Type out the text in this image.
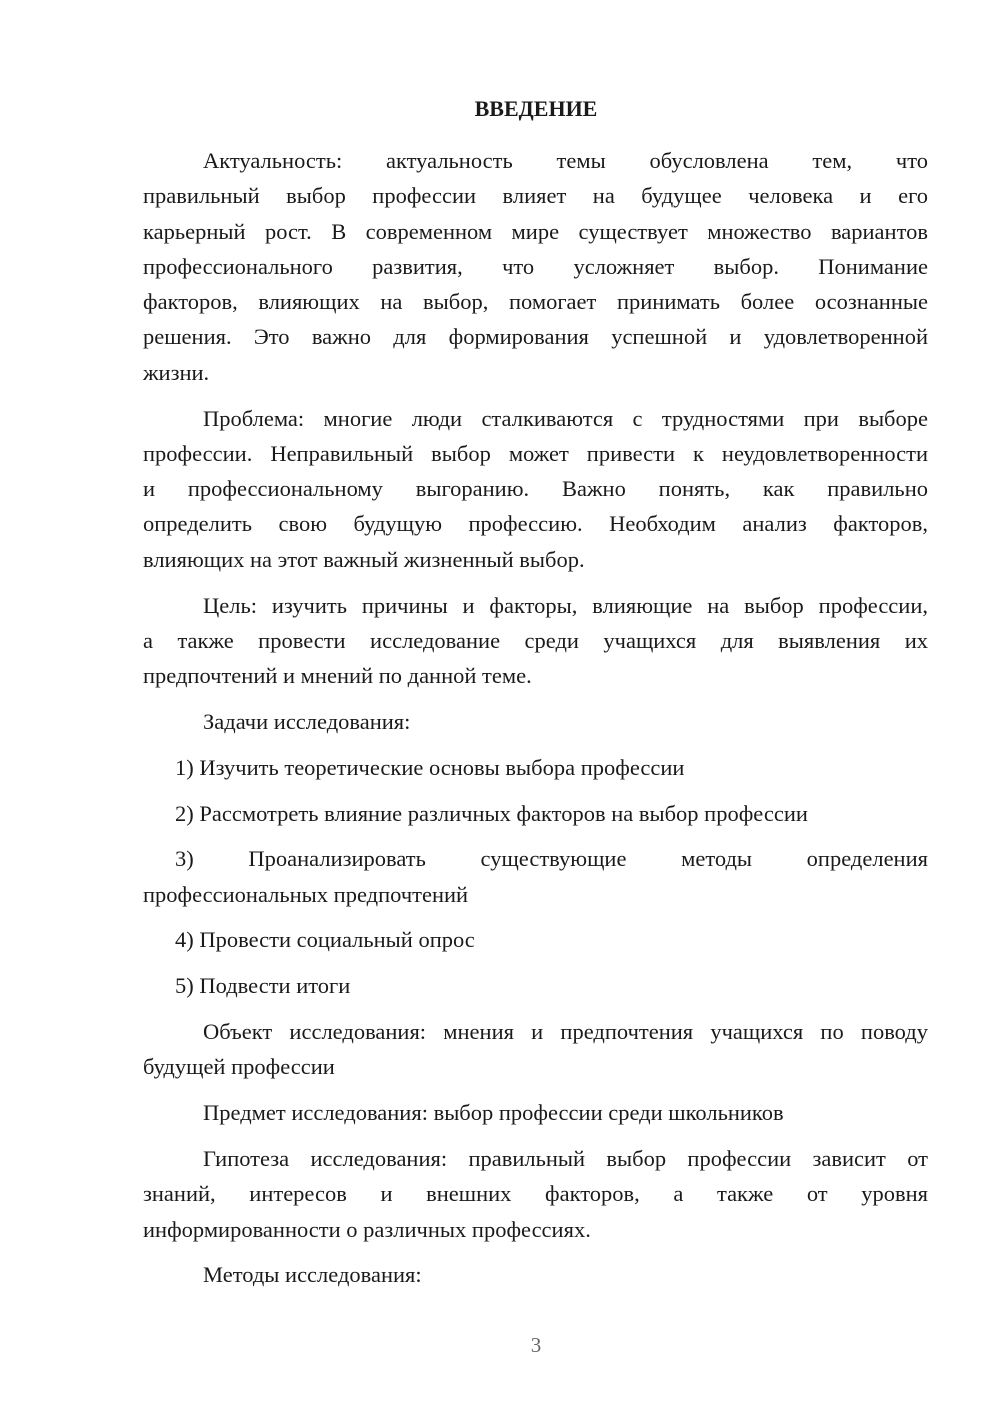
ВВЕДЕНИЕ
Актуальность: актуальность темы обусловлена тем, что
правильный выбор профессии влияет на будущее человека и его
карьерный рост. В современном мире существует множество вариантов
профессионального развития, что усложняет выбор. Понимание
факторов, влияющих на выбор, помогает принимать более осознанные
решения. Это важно для формирования успешной и удовлетворенной
жизни.
Проблема: многие люди сталкиваются с трудностями при выборе
профессии. Неправильный выбор может привести к неудовлетворенности
и профессиональному выгоранию. Важно понять, как правильно
определить свою будущую профессию. Необходим анализ факторов,
влияющих на этот важный жизненный выбор.
Цель: изучить причины и факторы, влияющие на выбор профессии,
а также провести исследование среди учащихся для выявления их
предпочтений и мнений по данной теме.
Задачи исследования:
1) Изучить теоретические основы выбора профессии
2) Рассмотреть влияние различных факторов на выбор профессии
3) Проанализировать существующие методы определения
профессиональных предпочтений
4) Провести социальный опрос
5) Подвести итоги
Объект исследования: мнения и предпочтения учащихся по поводу
будущей профессии
Предмет исследования: выбор профессии среди школьников
Гипотеза исследования: правильный выбор профессии зависит от
знаний, интересов и внешних факторов, а также от уровня
информированности о различных профессиях.
Методы исследования:
3
